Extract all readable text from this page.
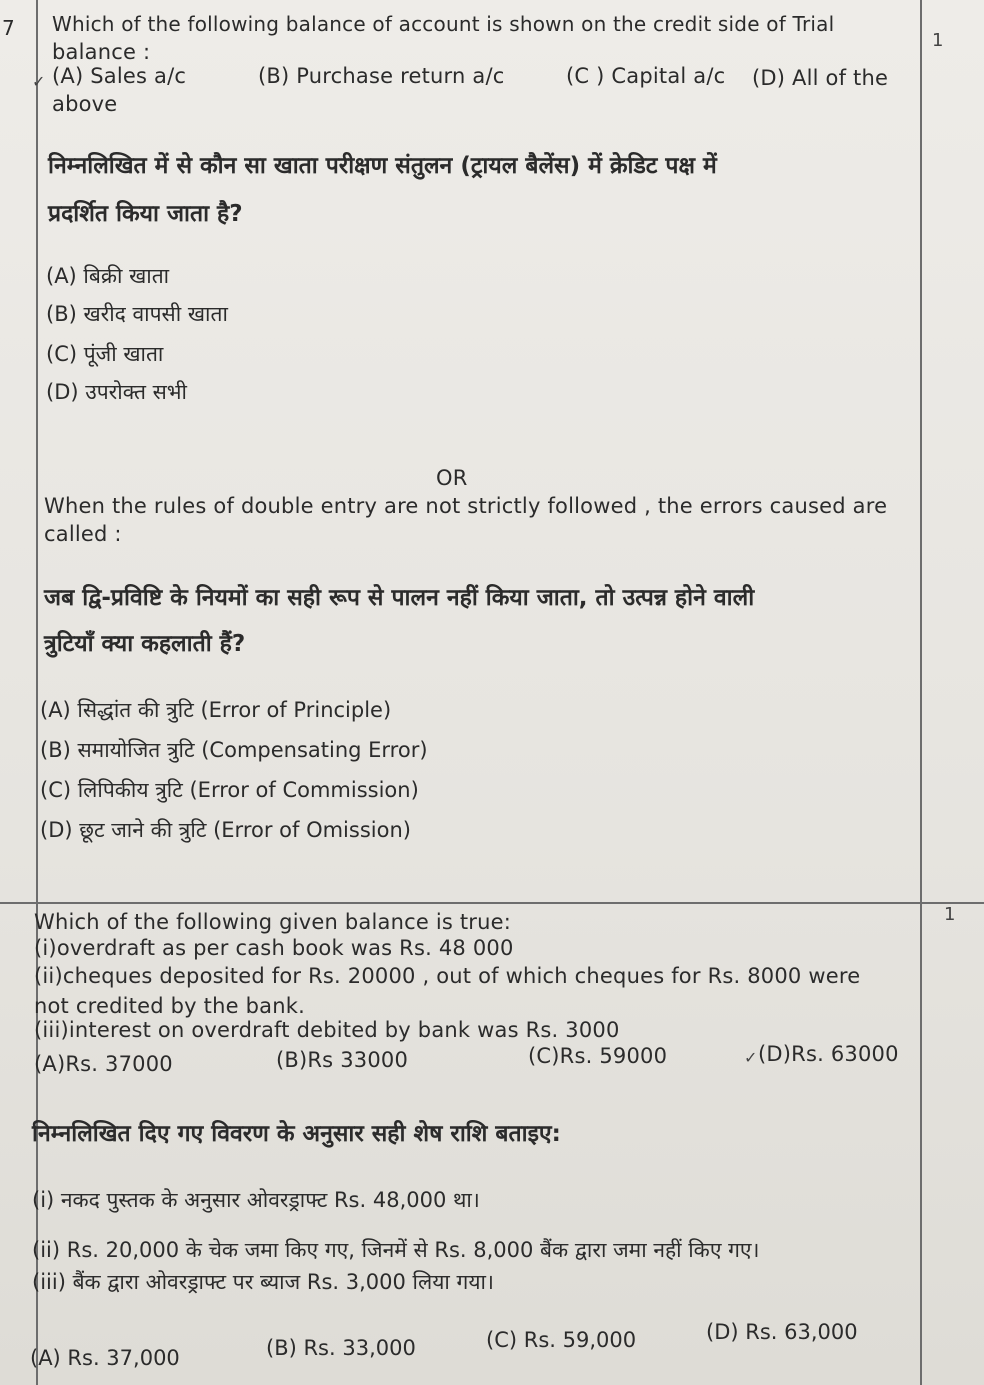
7
1
Which of the following balance of account is shown on the credit side of Trial
balance :
✓ (A) Sales a/c	(B) Purchase return a/c	(C ) Capital a/c (D) All of the
above
निम्नलिखित में से कौन सा खाता परीक्षण संतुलन (ट्रायल बैलेंस) में क्रेडिट पक्ष में
प्रदर्शित किया जाता है?
(A) बिक्री खाता
(B) खरीद वापसी खाता
(C) पूंजी खाता
(D) उपरोक्त सभी
OR
When the rules of double entry are not strictly followed , the errors caused are
called :
जब द्वि-प्रविष्टि के नियमों का सही रूप से पालन नहीं किया जाता, तो उत्पन्न होने वाली
त्रुटियाँ क्या कहलाती हैं?
(A) सिद्धांत की त्रुटि (Error of Principle)
(B) समायोजित त्रुटि (Compensating Error)
(C) लिपिकीय त्रुटि (Error of Commission)
(D) छूट जाने की त्रुटि (Error of Omission)
1
Which of the following given balance is true:
(i)overdraft as per cash book was Rs. 48 000
(ii)cheques deposited for Rs. 20000 , out of which cheques for Rs. 8000 were
not credited by the bank.
(iii)interest on overdraft debited by bank was Rs. 3000
(A)Rs. 37000	(B)Rs 33000	(C)Rs. 59000	✓ (D)Rs. 63000
निम्नलिखित दिए गए विवरण के अनुसार सही शेष राशि बताइए:
(i) नकद पुस्तक के अनुसार ओवरड्राफ्ट Rs. 48,000 था।
(ii) Rs. 20,000 के चेक जमा किए गए, जिनमें से Rs. 8,000 बैंक द्वारा जमा नहीं किए गए।
(iii) बैंक द्वारा ओवरड्राफ्ट पर ब्याज Rs. 3,000 लिया गया।
(A) Rs. 37,000	(B) Rs. 33,000	(C) Rs. 59,000	(D) Rs. 63,000
